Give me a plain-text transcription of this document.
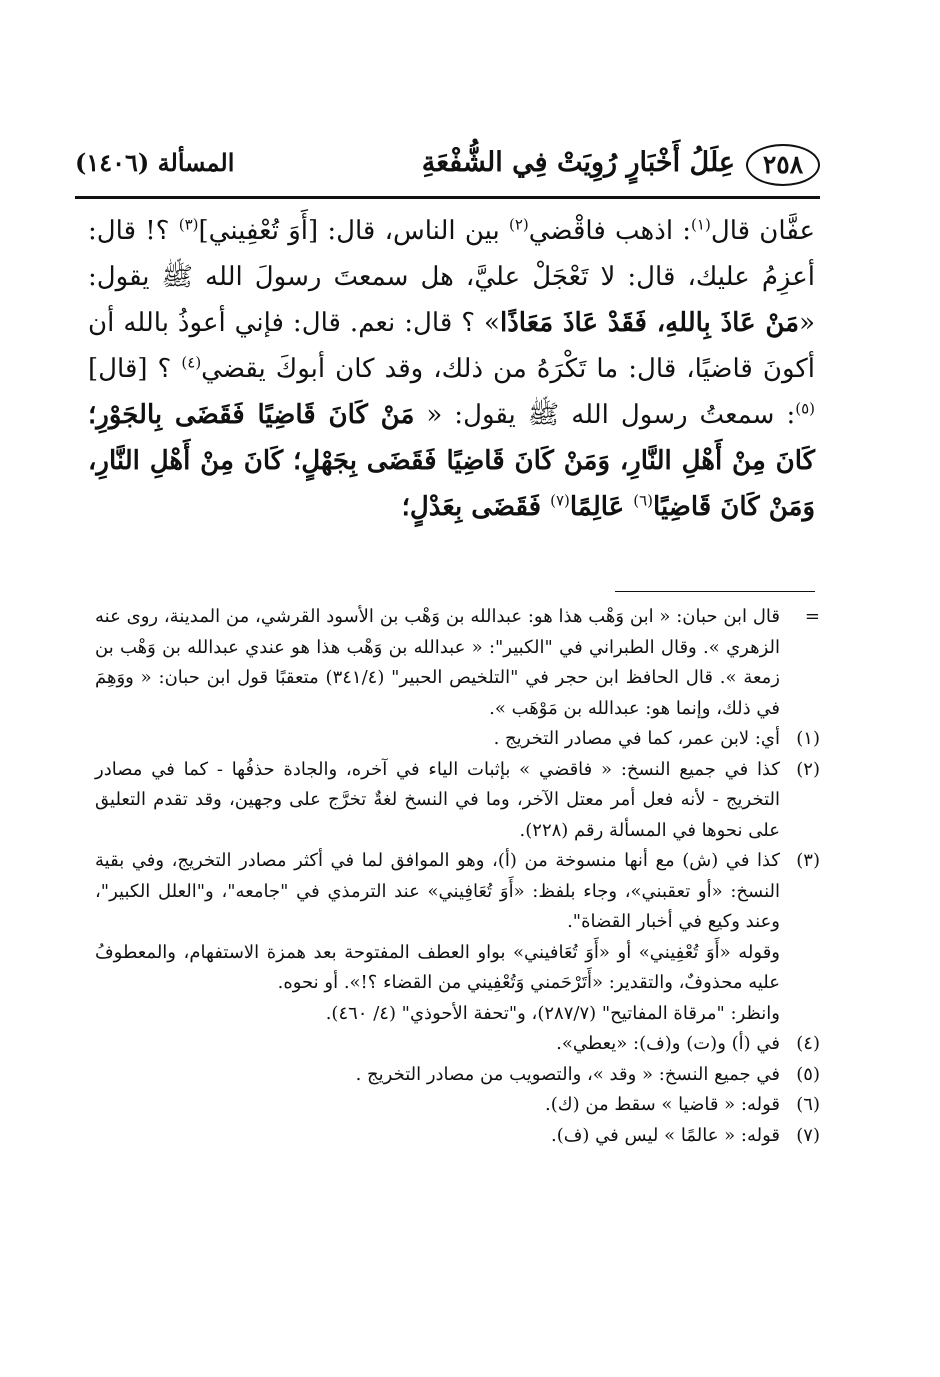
٢٥٨
عِلَلُ أَخْبَارٍ رُوِيَتْ فِي الشُّفْعَةِ
المسألة (١٤٠٦)

عفَّان قال$^{(١)}$: اذهب فاقْضي$^{(٢)}$ بين الناس، قال: [أَوَ تُعْفِيني]$^{(٣)}$ ؟! قال: أعزِمُ عليك، قال: لا تَعْجَلْ عليَّ، هل سمعتَ رسولَ الله ﷺ يقول: «مَنْ عَاذَ بِاللهِ، فَقَدْ عَاذَ مَعَاذًا» ؟ قال: نعم. قال: فإني أعوذُ بالله أن أكونَ قاضيًا، قال: ما تَكْرَهُ من ذلك، وقد كان أبوكَ يقضي$^{(٤)}$ ؟ [قال]$^{(٥)}$: سمعتُ رسول الله ﷺ يقول: « مَنْ كَانَ قَاضِيًا فَقَضَى بِالجَوْرِ؛ كَانَ مِنْ أَهْلِ النَّارِ، وَمَنْ كَانَ قَاضِيًا فَقَضَى بِجَهْلٍ؛ كَانَ مِنْ أَهْلِ النَّارِ، وَمَنْ كَانَ قَاضِيًا$^{(٦)}$ عَالِمًا$^{(٧)}$ فَقَضَى بِعَدْلٍ؛

=

قال ابن حبان: « ابن وَهْب هذا هو: عبدالله بن وَهْب بن الأسود القرشي، من المدينة، روى عنه الزهري ». وقال الطبراني في "الكبير": « عبدالله بن وَهْب هذا هو عندي عبدالله بن وَهْب بن زمعة ». قال الحافظ ابن حجر في "التلخيص الحبير" (٣٤١/٤) متعقبًا قول ابن حبان: « ووَهِمَ في ذلك، وإنما هو: عبدالله بن مَوْهَب ».

(١)

أي: لابن عمر، كما في مصادر التخريج .

(٢)

كذا في جميع النسخ: « فاقضي » بإثبات الياء في آخره، والجادة حذفُها - كما في مصادر التخريج - لأنه فعل أمر معتل الآخر، وما في النسخ لغةٌ تخرَّج على وجهين، وقد تقدم التعليق على نحوها في المسألة رقم (٢٢٨).

(٣)

كذا في (ش) مع أنها منسوخة من (أ)، وهو الموافق لما في أكثر مصادر التخريج، وفي بقية النسخ: «أو تعقبني»، وجاء بلفظ: «أَوَ تُعَافِيني» عند الترمذي في "جامعه"، و"العلل الكبير"، وعند وكيع في أخبار القضاة".

وقوله «أَوَ تُعْفِيني» أو «أَوَ تُعَافيني» بواو العطف المفتوحة بعد همزة الاستفهام، والمعطوفُ عليه محذوفٌ، والتقدير: «أَتَرْحَمني وَتُعْفِيني من القضاء ؟!». أو نحوه.

وانظر: "مرقاة المفاتيح" (٢٨٧/٧)، و"تحفة الأحوذي" (٤/ ٤٦٠).

(٤)

في (أ) و(ت) و(ف): «يعطي».

(٥)

في جميع النسخ: « وقد »، والتصويب من مصادر التخريج .

(٦)

قوله: « قاضيا » سقط من (ك).

(٧)

قوله: « عالمًا » ليس في (ف).
